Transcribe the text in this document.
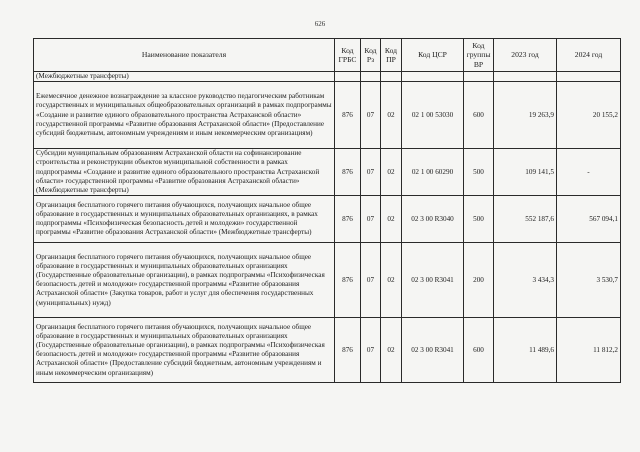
626
Наименование показателя	Код ГРБС	Код Рз	Код ПР	Код ЦСР	Код группы ВР	2023 год	2024 год
(Межбюджетные трансферты)							
Ежемесячное денежное вознаграждение за классное руководство педагогическим работникам государственных и муниципальных общеобразовательных организаций в рамках подпрограммы «Создание и развитие единого образовательного пространства Астраханской области» государственной программы «Развитие образования Астраханской области» (Предоставление субсидий бюджетным, автономным учреждениям и иным некоммерческим организациям)	876	07	02	02 1 00 53030	600	19 263,9	20 155,2
Субсидии муниципальным образованиям Астраханской области на софинансирование строительства и реконструкции объектов муниципальной собственности в рамках подпрограммы «Создание и развитие единого образовательного пространства Астраханской области» государственной программы «Развитие образования Астраханской области» (Межбюджетные трансферты)	876	07	02	02 1 00 60290	500	109 141,5	-
Организация бесплатного горячего питания обучающихся, получающих начальное общее образование в государственных и муниципальных образовательных организациях, в рамках подпрограммы «Психофизическая безопасность детей и молодежи» государственной программы «Развитие образования Астраханской области» (Межбюджетные трансферты)	876	07	02	02 3 00 R3040	500	552 187,6	567 094,1
Организация бесплатного горячего питания обучающихся, получающих начальное общее образование в государственных и муниципальных образовательных организациях (Государственные образовательные организации), в рамках подпрограммы «Психофизическая безопасность детей и молодежи» государственной программы «Развитие образования Астраханской области» (Закупка товаров, работ и услуг для обеспечения государственных (муниципальных) нужд)	876	07	02	02 3 00 R3041	200	3 434,3	3 530,7
Организация бесплатного горячего питания обучающихся, получающих начальное общее образование в государственных и муниципальных образовательных организациях (Государственные образовательные организации), в рамках подпрограммы «Психофизическая безопасность детей и молодежи» государственной программы «Развитие образования Астраханской области» (Предоставление субсидий бюджетным, автономным учреждениям и иным некоммерческим организациям)	876	07	02	02 3 00 R3041	600	11 489,6	11 812,2
